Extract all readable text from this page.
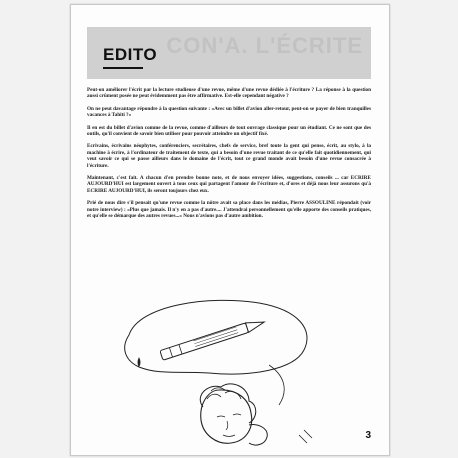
CON'A. L'ÉCRITE
EDITO

Peut-on améliorer l'écrit par la lecture studieuse d'une revue, même d'une revue dédiée à l'écriture ? La réponse à la question aussi crûment posée ne peut évidemment pas être affirmative. Est-elle cependant négative ?

On ne peut davantage répondre à la question suivante : «Avec un billet d'avion aller-retour, peut-on se payer de bien tranquilles vacances à Tahiti ?»

Il en est du billet d'avion comme de la revue, comme d'ailleurs de tout ouvrage classique pour un étudiant. Ce ne sont que des outils, qu'il convient de savoir bien utiliser pour pouvoir atteindre un objectif fixé.

Ecrivains, écrivains néophytes, conférenciers, secrétaires, chefs de service, bref toute la gent qui pense, écrit, au stylo, à la machine à écrire, à l'ordinateur de traitement de texte, qui a besoin d'une revue traitant de ce qu'elle fait quotidiennement, qui veut savoir ce qui se passe ailleurs dans le domaine de l'écrit, tout ce grand monde avait besoin d'une revue consacrée à l'écriture.

Maintenant, c'est fait. A chacun d'en prendre bonne note, et de nous envoyer idées, suggestions, conseils ... car ECRIRE AUJOURD'HUI est largement ouvert à tous ceux qui partagent l'amour de l'écriture et, d'ores et déjà nous leur assurons qu'à ECRIRE AUJOURD'HUI, ils seront toujours chez eux.

Prié de nous dire s'il pensait qu'une revue comme la nôtre avait sa place dans les médias, Pierre ASSOULINE répondait (voir notre interview) : «Plus que jamais. Il n'y en a pas d'autre.... J'attendrai personnellement qu'elle apporte des conseils pratiques, et qu'elle se démarque des autres revues...» Nous n'avions pas d'autre ambition.

3
